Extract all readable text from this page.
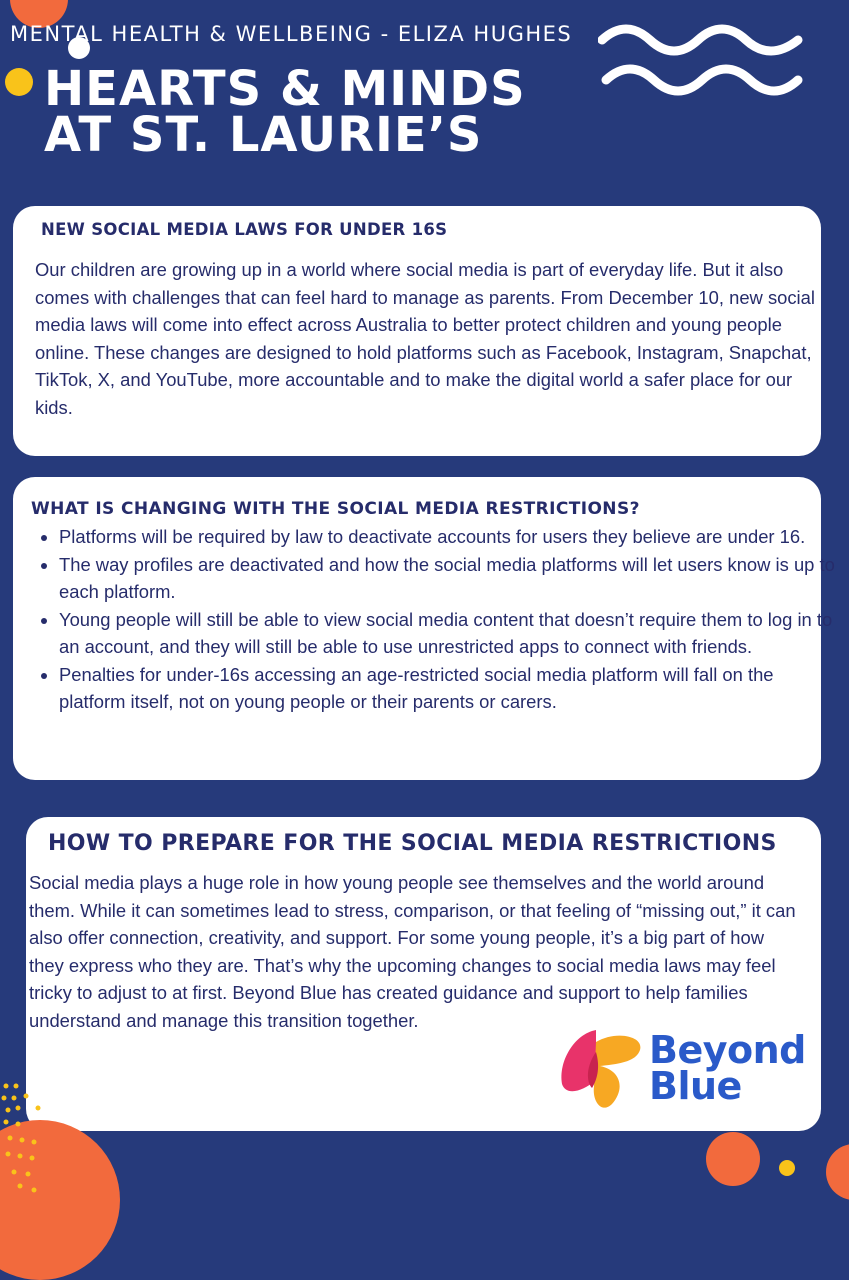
MENTAL HEALTH & WELLBEING - ELIZA HUGHES
HEARTS & MINDS
AT ST. LAURIE’S
NEW SOCIAL MEDIA LAWS FOR UNDER 16S

Our children are growing up in a world where social media is part of everyday life. But it also comes with challenges that can feel hard to manage as parents. From December 10, new social media laws will come into effect across Australia to better protect children and young people online. These changes are designed to hold platforms such as Facebook, Instagram, Snapchat, TikTok, X, and YouTube, more accountable and to make the digital world a safer place for our kids.

WHAT IS CHANGING WITH THE SOCIAL MEDIA RESTRICTIONS?
• Platforms will be required by law to deactivate accounts for users they believe are under 16.
• The way profiles are deactivated and how the social media platforms will let users know is up to each platform.
• Young people will still be able to view social media content that doesn’t require them to log in to an account, and they will still be able to use unrestricted apps to connect with friends.
• Penalties for under-16s accessing an age-restricted social media platform will fall on the platform itself, not on young people or their parents or carers.
HOW TO PREPARE FOR THE SOCIAL MEDIA RESTRICTIONS

Social media plays a huge role in how young people see themselves and the world around them. While it can sometimes lead to stress, comparison, or that feeling of “missing out,” it can also offer connection, creativity, and support. For some young people, it’s a big part of how they express who they are. That’s why the upcoming changes to social media laws may feel tricky to adjust to at first. Beyond Blue has created guidance and support to help families understand and manage this transition together.

Beyond
Blue
